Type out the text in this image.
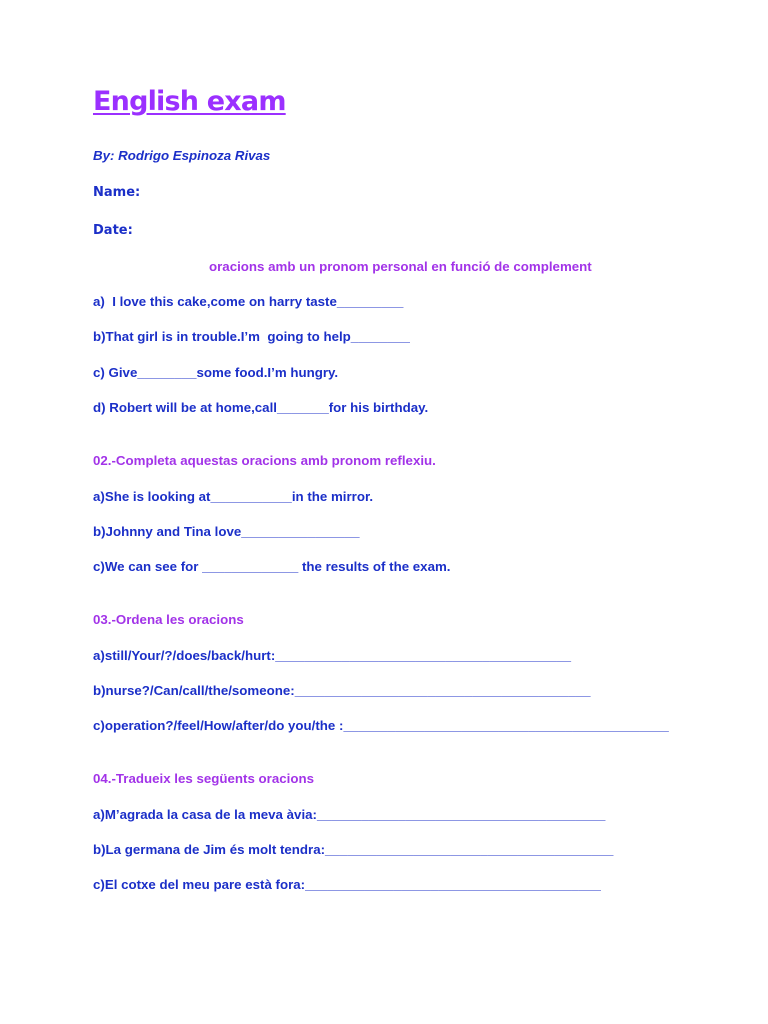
English exam
By: Rodrigo Espinoza Rivas
Name:
Date:
oracions amb un pronom personal en funció de complement
a)  I love this cake,come on harry taste_________
b)That girl is in trouble.I’m  going to help________
c) Give________some food.I’m hungry.
d) Robert will be at home,call_______for his birthday.
02.-Completa aquestas oracions amb pronom reflexiu.
a)She is looking at___________in the mirror.
b)Johnny and Tina love________________
c)We can see for _____________ the results of the exam.
03.-Ordena les oracions
a)still/Your/?/does/back/hurt:________________________________________
b)nurse?/Can/call/the/someone:________________________________________
c)operation?/feel/How/after/do you/the :____________________________________________
04.-Tradueix les següents oracions
a)M’agrada la casa de la meva àvia:_______________________________________
b)La germana de Jim és molt tendra:_______________________________________
c)El cotxe del meu pare està fora:________________________________________
